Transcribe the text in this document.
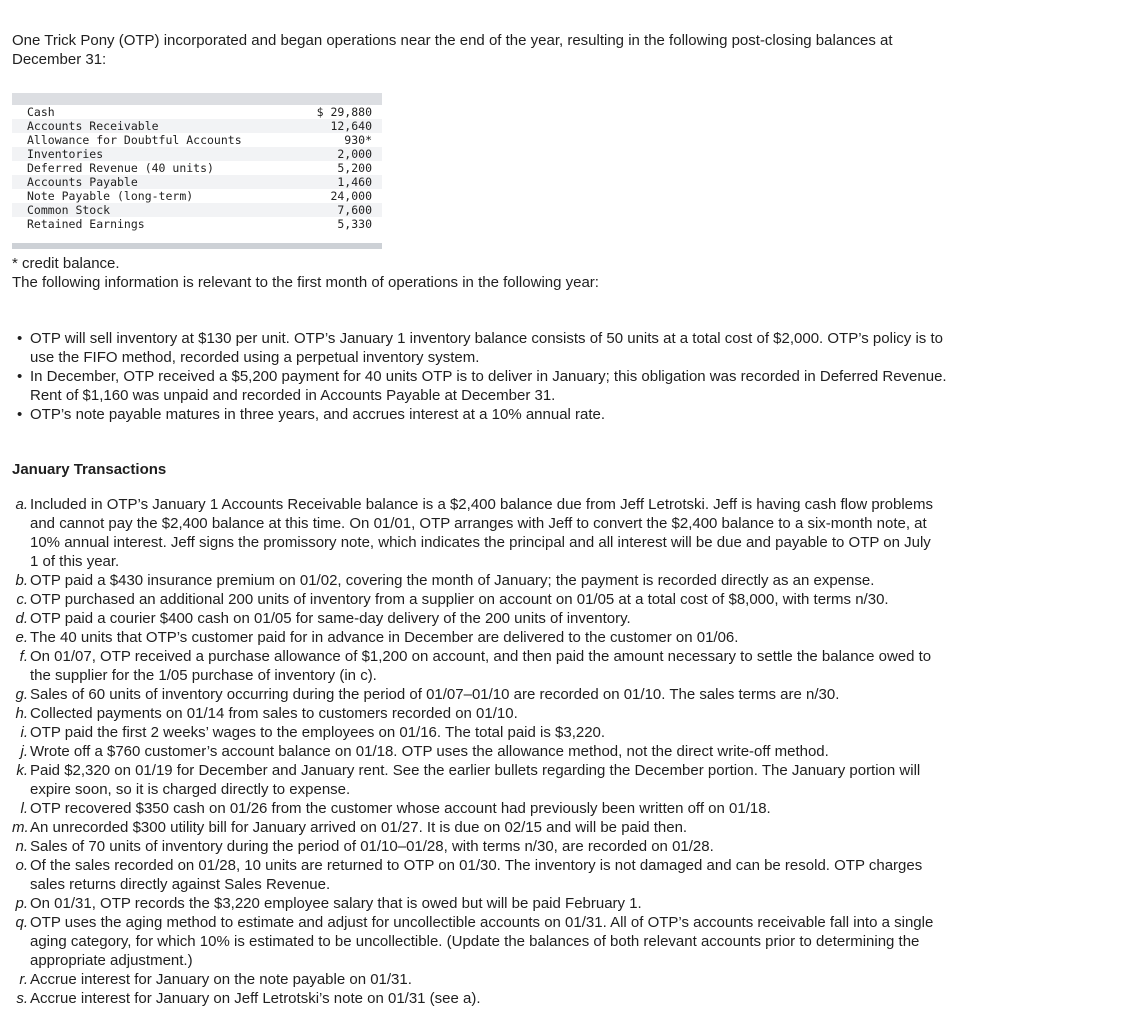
One Trick Pony (OTP) incorporated and began operations near the end of the year, resulting in the following post-closing balances at December 31:

Cash	$ 29,880
Accounts Receivable	12,640
Allowance for Doubtful Accounts	930*
Inventories	2,000
Deferred Revenue (40 units)	5,200
Accounts Payable	1,460
Note Payable (long-term)	24,000
Common Stock	7,600
Retained Earnings	5,330
* credit balance.
The following information is relevant to the first month of operations in the following year:
• OTP will sell inventory at $130 per unit. OTP’s January 1 inventory balance consists of 50 units at a total cost of $2,000. OTP’s policy is to use the FIFO method, recorded using a perpetual inventory system.
• In December, OTP received a $5,200 payment for 40 units OTP is to deliver in January; this obligation was recorded in Deferred Revenue. Rent of $1,160 was unpaid and recorded in Accounts Payable at December 31.
• OTP’s note payable matures in three years, and accrues interest at a 10% annual rate.
January Transactions
a. Included in OTP’s January 1 Accounts Receivable balance is a $2,400 balance due from Jeff Letrotski. Jeff is having cash flow problems and cannot pay the $2,400 balance at this time. On 01/01, OTP arranges with Jeff to convert the $2,400 balance to a six-month note, at 10% annual interest. Jeff signs the promissory note, which indicates the principal and all interest will be due and payable to OTP on July 1 of this year.
b. OTP paid a $430 insurance premium on 01/02, covering the month of January; the payment is recorded directly as an expense.
c. OTP purchased an additional 200 units of inventory from a supplier on account on 01/05 at a total cost of $8,000, with terms n/30.
d. OTP paid a courier $400 cash on 01/05 for same-day delivery of the 200 units of inventory.
e. The 40 units that OTP’s customer paid for in advance in December are delivered to the customer on 01/06.
f. On 01/07, OTP received a purchase allowance of $1,200 on account, and then paid the amount necessary to settle the balance owed to the supplier for the 1/05 purchase of inventory (in c).
g. Sales of 60 units of inventory occurring during the period of 01/07–01/10 are recorded on 01/10. The sales terms are n/30.
h. Collected payments on 01/14 from sales to customers recorded on 01/10.
i. OTP paid the first 2 weeks’ wages to the employees on 01/16. The total paid is $3,220.
j. Wrote off a $760 customer’s account balance on 01/18. OTP uses the allowance method, not the direct write-off method.
k. Paid $2,320 on 01/19 for December and January rent. See the earlier bullets regarding the December portion. The January portion will expire soon, so it is charged directly to expense.
l. OTP recovered $350 cash on 01/26 from the customer whose account had previously been written off on 01/18.
m. An unrecorded $300 utility bill for January arrived on 01/27. It is due on 02/15 and will be paid then.
n. Sales of 70 units of inventory during the period of 01/10–01/28, with terms n/30, are recorded on 01/28.
o. Of the sales recorded on 01/28, 10 units are returned to OTP on 01/30. The inventory is not damaged and can be resold. OTP charges sales returns directly against Sales Revenue.
p. On 01/31, OTP records the $3,220 employee salary that is owed but will be paid February 1.
q. OTP uses the aging method to estimate and adjust for uncollectible accounts on 01/31. All of OTP’s accounts receivable fall into a single aging category, for which 10% is estimated to be uncollectible. (Update the balances of both relevant accounts prior to determining the appropriate adjustment.)
r. Accrue interest for January on the note payable on 01/31.
s. Accrue interest for January on Jeff Letrotski’s note on 01/31 (see a).
